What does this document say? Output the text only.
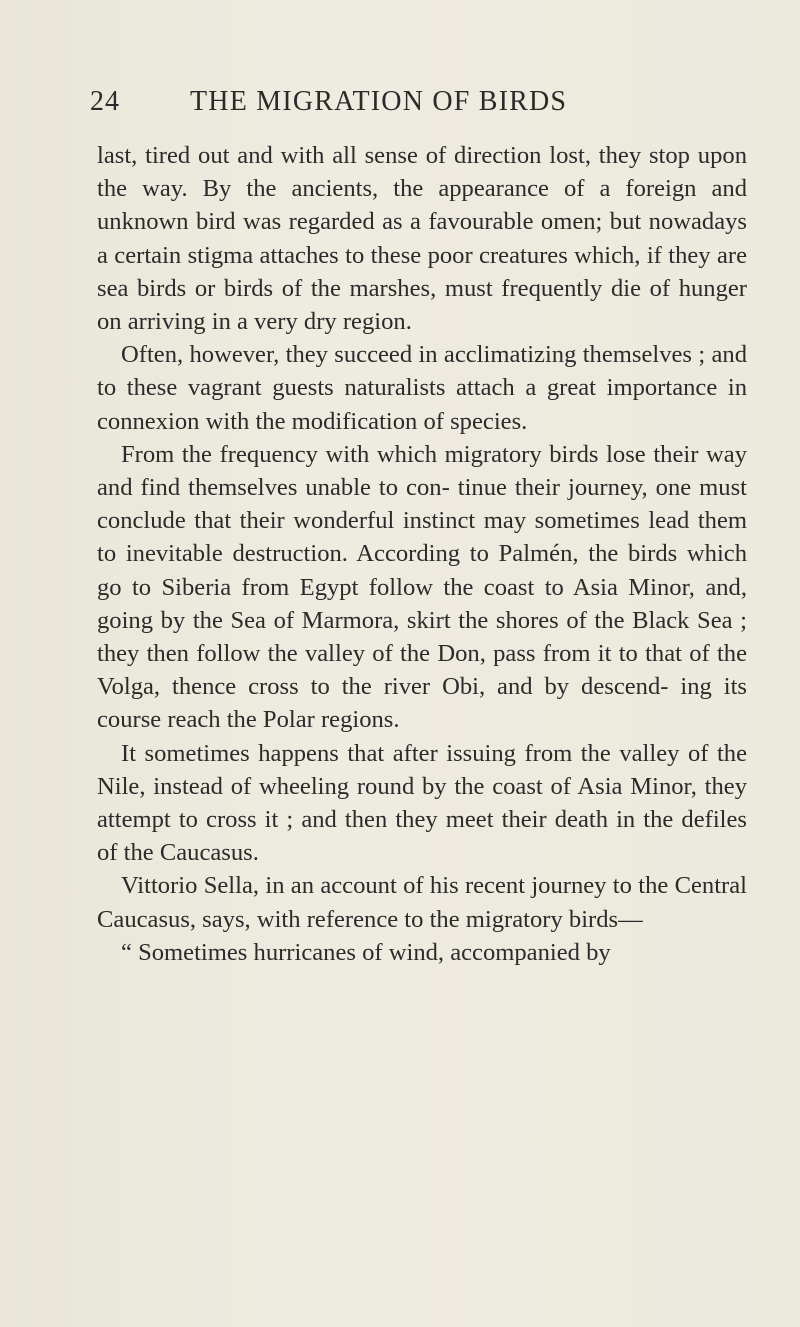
24	THE MIGRATION OF BIRDS

last, tired out and with all sense of direction lost, they stop upon the way. By the ancients, the appearance of a foreign and unknown bird was regarded as a favourable omen; but nowadays a certain stigma attaches to these poor creatures which, if they are sea birds or birds of the marshes, must frequently die of hunger on arriving in a very dry region.

Often, however, they succeed in acclimatizing themselves ; and to these vagrant guests naturalists attach a great importance in connexion with the modification of species.

From the frequency with which migratory birds lose their way and find themselves unable to con- tinue their journey, one must conclude that their wonderful instinct may sometimes lead them to inevitable destruction. According to Palmén, the birds which go to Siberia from Egypt follow the coast to Asia Minor, and, going by the Sea of Marmora, skirt the shores of the Black Sea ; they then follow the valley of the Don, pass from it to that of the Volga, thence cross to the river Obi, and by descend- ing its course reach the Polar regions.

It sometimes happens that after issuing from the valley of the Nile, instead of wheeling round by the coast of Asia Minor, they attempt to cross it ; and then they meet their death in the defiles of the Caucasus.

Vittorio Sella, in an account of his recent journey to the Central Caucasus, says, with reference to the migratory birds—

“ Sometimes hurricanes of wind, accompanied by
